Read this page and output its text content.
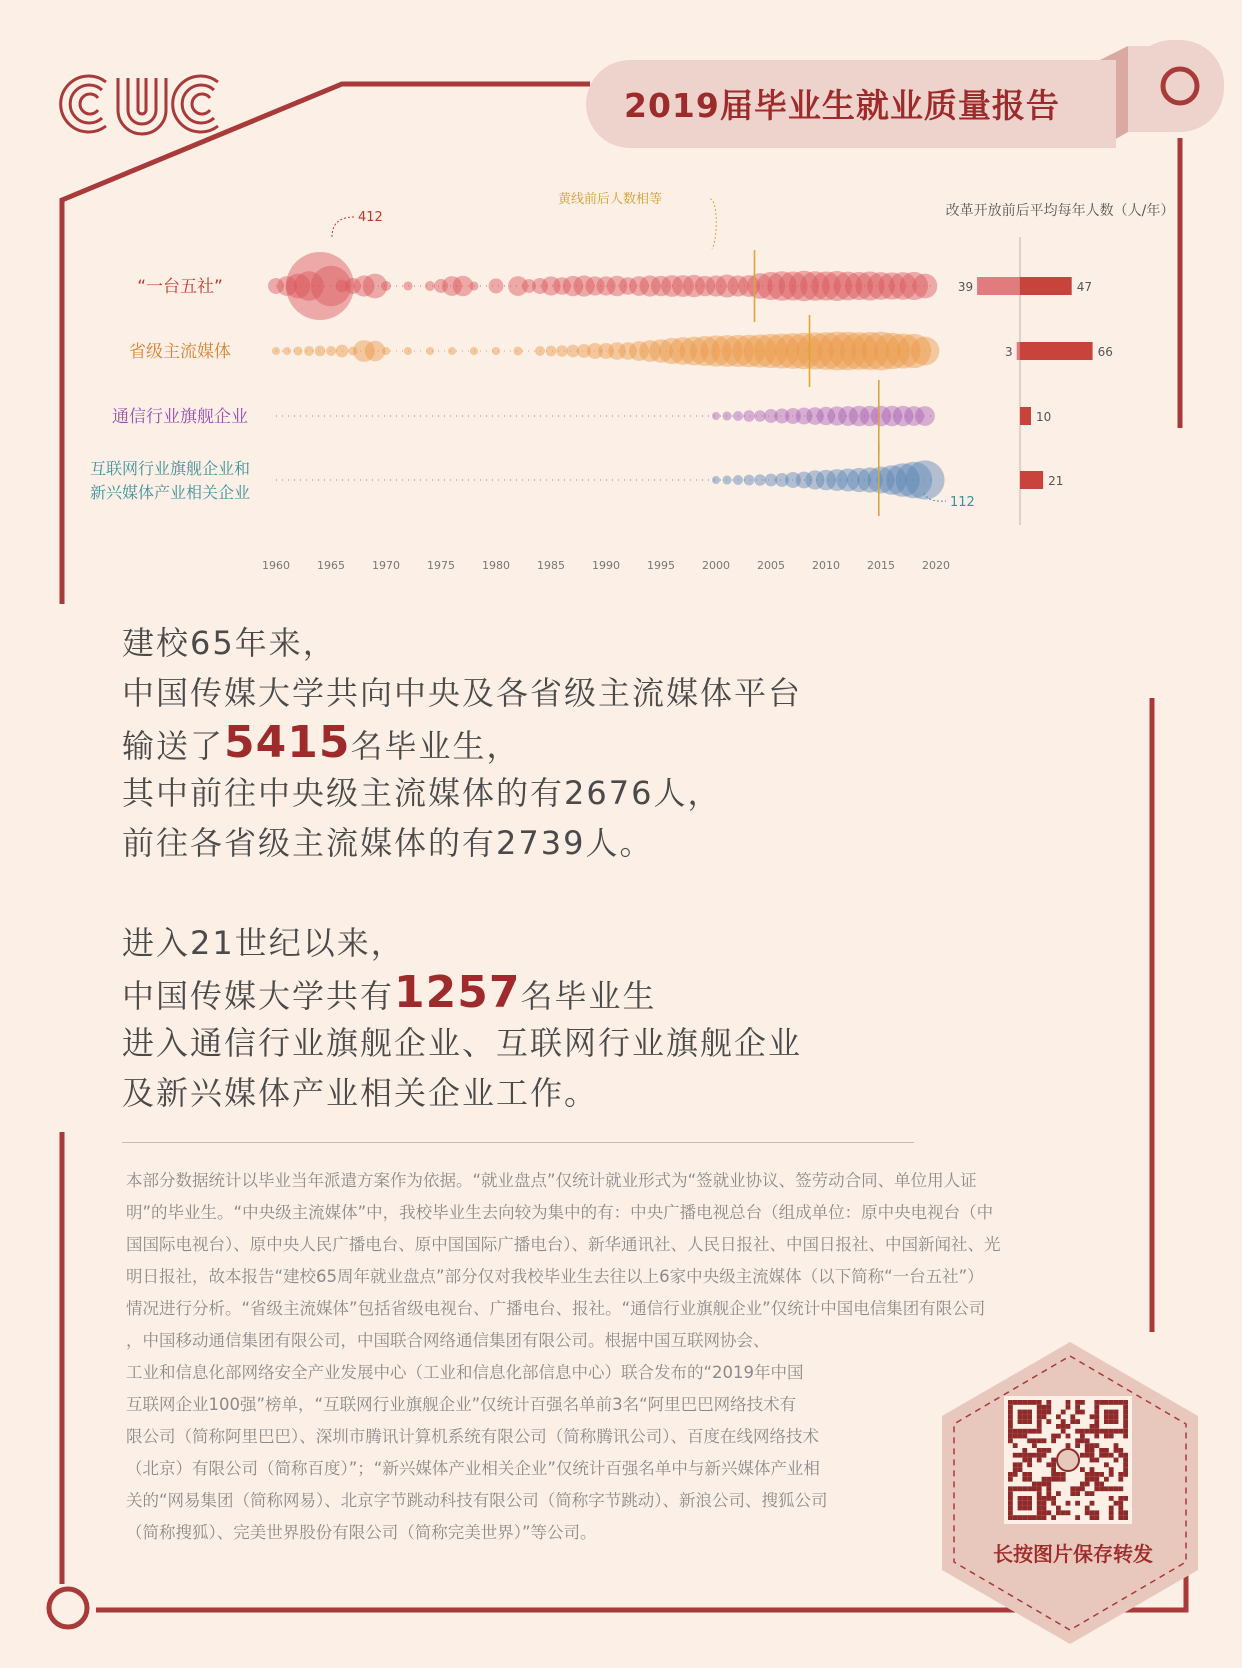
2019届毕业生就业质量报告
1960 1965 1970 1975 1980 1985 1990 1995 2000 2005 2010 2015 2020
“一台五社”
省级主流媒体
通信行业旗舰企业
互联网行业旗舰企业和
新兴媒体产业相关企业
黄线前后人数相等
412
112
改革开放前后平均每年人数（人/年）
39	47
3	66
10
21
建校65年来，
中国传媒大学共向中央及各省级主流媒体平台
输送了5415名毕业生，
其中前往中央级主流媒体的有2676人，
前往各省级主流媒体的有2739人。
进入21世纪以来，
中国传媒大学共有1257名毕业生
进入通信行业旗舰企业、互联网行业旗舰企业
及新兴媒体产业相关企业工作。
本部分数据统计以毕业当年派遣方案作为依据。“就业盘点”仅统计就业形式为“签就业协议、签劳动合同、单位用人证
明”的毕业生。“中央级主流媒体”中，我校毕业生去向较为集中的有：中央广播电视总台（组成单位：原中央电视台（中
国国际电视台）、原中央人民广播电台、原中国国际广播电台）、新华通讯社、人民日报社、中国日报社、中国新闻社、光
明日报社，故本报告“建校65周年就业盘点”部分仅对我校毕业生去往以上6家中央级主流媒体（以下简称“一台五社”）
情况进行分析。“省级主流媒体”包括省级电视台、广播电台、报社。“通信行业旗舰企业”仅统计中国电信集团有限公司
，中国移动通信集团有限公司，中国联合网络通信集团有限公司。根据中国互联网协会、
工业和信息化部网络安全产业发展中心（工业和信息化部信息中心）联合发布的“2019年中国
互联网企业100强”榜单，“互联网行业旗舰企业”仅统计百强名单前3名“阿里巴巴网络技术有
限公司（简称阿里巴巴）、深圳市腾讯计算机系统有限公司（简称腾讯公司）、百度在线网络技术
（北京）有限公司（简称百度）”；“新兴媒体产业相关企业”仅统计百强名单中与新兴媒体产业相
关的“网易集团（简称网易）、北京字节跳动科技有限公司（简称字节跳动）、新浪公司、搜狐公司
（简称搜狐）、完美世界股份有限公司（简称完美世界）”等公司。
长按图片保存转发
